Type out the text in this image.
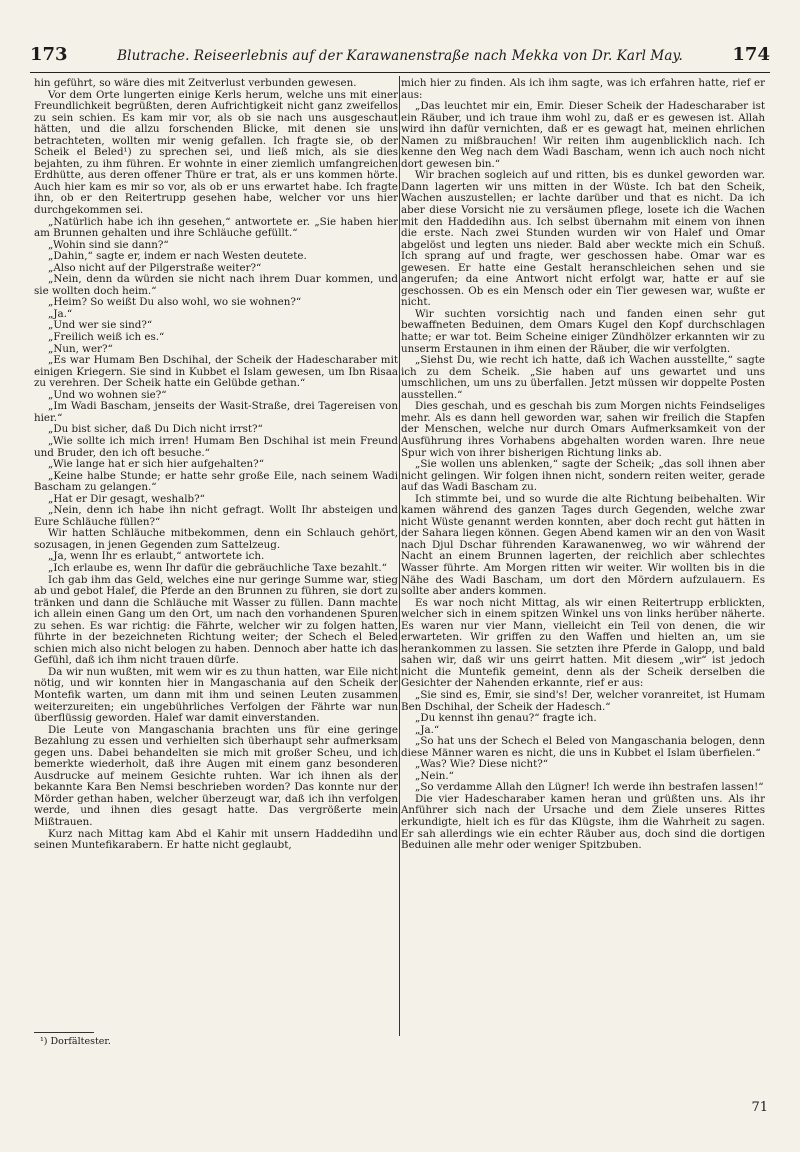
173	Blutrache. Reiseerlebnis auf der Karawanenstraße nach Mekka von Dr. Karl May.	174

hin geführt, so wäre dies mit Zeitverlust verbunden gewesen.

Vor dem Orte lungerten einige Kerls herum, welche uns mit einer Freundlichkeit begrüßten, deren Aufrichtigkeit nicht ganz zweifellos zu sein schien. Es kam mir vor, als ob sie nach uns ausgeschaut hätten, und die allzu forschenden Blicke, mit denen sie uns betrachteten, wollten mir wenig gefallen. Ich fragte sie, ob der Scheik el Beled¹) zu sprechen sei, und ließ mich, als sie dies bejahten, zu ihm führen. Er wohnte in einer ziemlich umfangreichen Erdhütte, aus deren offener Thüre er trat, als er uns kommen hörte. Auch hier kam es mir so vor, als ob er uns erwartet habe. Ich fragte ihn, ob er den Reitertrupp gesehen habe, welcher vor uns hier durchgekommen sei.

„Natürlich habe ich ihn gesehen,“ antwortete er. „Sie haben hier am Brunnen gehalten und ihre Schläuche gefüllt.“

„Wohin sind sie dann?“

„Dahin,“ sagte er, indem er nach Westen deutete.

„Also nicht auf der Pilgerstraße weiter?“

„Nein, denn da würden sie nicht nach ihrem Duar kommen, und sie wollten doch heim.“

„Heim? So weißt Du also wohl, wo sie wohnen?“

„Ja.“

„Und wer sie sind?“

„Freilich weiß ich es.“

„Nun, wer?“

„Es war Humam Ben Dschihal, der Scheik der Hadescharaber mit einigen Kriegern. Sie sind in Kubbet el Islam gewesen, um Ibn Risaa zu verehren. Der Scheik hatte ein Gelübde gethan.“

„Und wo wohnen sie?“

„Im Wadi Bascham, jenseits der Wasit-Straße, drei Tagereisen von hier.“

„Du bist sicher, daß Du Dich nicht irrst?“

„Wie sollte ich mich irren! Humam Ben Dschihal ist mein Freund und Bruder, den ich oft besuche.“

„Wie lange hat er sich hier aufgehalten?“

„Keine halbe Stunde; er hatte sehr große Eile, nach seinem Wadi Bascham zu gelangen.“

„Hat er Dir gesagt, weshalb?“

„Nein, denn ich habe ihn nicht gefragt. Wollt Ihr absteigen und Eure Schläuche füllen?“

Wir hatten Schläuche mitbekommen, denn ein Schlauch gehört, sozusagen, in jenen Gegenden zum Sattelzeug.

„Ja, wenn Ihr es erlaubt,“ antwortete ich.

„Ich erlaube es, wenn Ihr dafür die gebräuchliche Taxe bezahlt.“

Ich gab ihm das Geld, welches eine nur geringe Summe war, stieg ab und gebot Halef, die Pferde an den Brunnen zu führen, sie dort zu tränken und dann die Schläuche mit Wasser zu füllen. Dann machte ich allein einen Gang um den Ort, um nach den vorhandenen Spuren zu sehen. Es war richtig: die Fährte, welcher wir zu folgen hatten, führte in der bezeichneten Richtung weiter; der Schech el Beled schien mich also nicht belogen zu haben. Dennoch aber hatte ich das Gefühl, daß ich ihm nicht trauen dürfe.

Da wir nun wußten, mit wem wir es zu thun hatten, war Eile nicht nötig, und wir konnten hier in Mangaschania auf den Scheik der Montefik warten, um dann mit ihm und seinen Leuten zusammen weiterzureiten; ein ungebührliches Verfolgen der Fährte war nun überflüssig geworden. Halef war damit einverstanden.

Die Leute von Mangaschania brachten uns für eine geringe Bezahlung zu essen und verhielten sich überhaupt sehr aufmerksam gegen uns. Dabei behandelten sie mich mit großer Scheu, und ich bemerkte wiederholt, daß ihre Augen mit einem ganz besonderen Ausdrucke auf meinem Gesichte ruhten. War ich ihnen als der bekannte Kara Ben Nemsi beschrieben worden? Das konnte nur der Mörder gethan haben, welcher überzeugt war, daß ich ihn verfolgen werde, und ihnen dies gesagt hatte. Das vergrößerte mein Mißtrauen.

Kurz nach Mittag kam Abd el Kahir mit unsern Haddedihn und seinen Muntefikarabern. Er hatte nicht geglaubt,

mich hier zu finden. Als ich ihm sagte, was ich erfahren hatte, rief er aus:

„Das leuchtet mir ein, Emir. Dieser Scheik der Hadescharaber ist ein Räuber, und ich traue ihm wohl zu, daß er es gewesen ist. Allah wird ihn dafür vernichten, daß er es gewagt hat, meinen ehrlichen Namen zu mißbrauchen! Wir reiten ihm augenblicklich nach. Ich kenne den Weg nach dem Wadi Bascham, wenn ich auch noch nicht dort gewesen bin.“

Wir brachen sogleich auf und ritten, bis es dunkel geworden war. Dann lagerten wir uns mitten in der Wüste. Ich bat den Scheik, Wachen auszustellen; er lachte darüber und that es nicht. Da ich aber diese Vorsicht nie zu versäumen pflege, losete ich die Wachen mit den Haddedihn aus. Ich selbst übernahm mit einem von ihnen die erste. Nach zwei Stunden wurden wir von Halef und Omar abgelöst und legten uns nieder. Bald aber weckte mich ein Schuß. Ich sprang auf und fragte, wer geschossen habe. Omar war es gewesen. Er hatte eine Gestalt heranschleichen sehen und sie angerufen; da eine Antwort nicht erfolgt war, hatte er auf sie geschossen. Ob es ein Mensch oder ein Tier gewesen war, wußte er nicht.

Wir suchten vorsichtig nach und fanden einen sehr gut bewaffneten Beduinen, dem Omars Kugel den Kopf durchschlagen hatte; er war tot. Beim Scheine einiger Zündhölzer erkannten wir zu unserm Erstaunen in ihm einen der Räuber, die wir verfolgten.

„Siehst Du, wie recht ich hatte, daß ich Wachen ausstellte,“ sagte ich zu dem Scheik. „Sie haben auf uns gewartet und uns umschlichen, um uns zu überfallen. Jetzt müssen wir doppelte Posten ausstellen.“

Dies geschah, und es geschah bis zum Morgen nichts Feindseliges mehr. Als es dann hell geworden war, sahen wir freilich die Stapfen der Menschen, welche nur durch Omars Aufmerksamkeit von der Ausführung ihres Vorhabens abgehalten worden waren. Ihre neue Spur wich von ihrer bisherigen Richtung links ab.

„Sie wollen uns ablenken,“ sagte der Scheik; „das soll ihnen aber nicht gelingen. Wir folgen ihnen nicht, sondern reiten weiter, gerade auf das Wadi Bascham zu.

Ich stimmte bei, und so wurde die alte Richtung beibehalten. Wir kamen während des ganzen Tages durch Gegenden, welche zwar nicht Wüste genannt werden konnten, aber doch recht gut hätten in der Sahara liegen können. Gegen Abend kamen wir an den von Wasit nach Djul Dschar führenden Karawanenweg, wo wir während der Nacht an einem Brunnen lagerten, der reichlich aber schlechtes Wasser führte. Am Morgen ritten wir weiter. Wir wollten bis in die Nähe des Wadi Bascham, um dort den Mördern aufzulauern. Es sollte aber anders kommen.

Es war noch nicht Mittag, als wir einen Reitertrupp erblickten, welcher sich in einem spitzen Winkel uns von links herüber näherte. Es waren nur vier Mann, vielleicht ein Teil von denen, die wir erwarteten. Wir griffen zu den Waffen und hielten an, um sie herankommen zu lassen. Sie setzten ihre Pferde in Galopp, und bald sahen wir, daß wir uns geirrt hatten. Mit diesem „wir“ ist jedoch nicht die Muntefik gemeint, denn als der Scheik derselben die Gesichter der Nahenden erkannte, rief er aus:

„Sie sind es, Emir, sie sind's! Der, welcher voranreitet, ist Humam Ben Dschihal, der Scheik der Hadesch.“

„Du kennst ihn genau?“ fragte ich.

„Ja.“

„So hat uns der Schech el Beled von Mangaschania belogen, denn diese Männer waren es nicht, die uns in Kubbet el Islam überfielen.“

„Was? Wie? Diese nicht?“

„Nein.“

„So verdamme Allah den Lügner! Ich werde ihn bestrafen lassen!“

Die vier Hadescharaber kamen heran und grüßten uns. Als ihr Anführer sich nach der Ursache und dem Ziele unseres Rittes erkundigte, hielt ich es für das Klügste, ihm die Wahrheit zu sagen. Er sah allerdings wie ein echter Räuber aus, doch sind die dortigen Beduinen alle mehr oder weniger Spitzbuben.

¹) Dorfältester.
71
